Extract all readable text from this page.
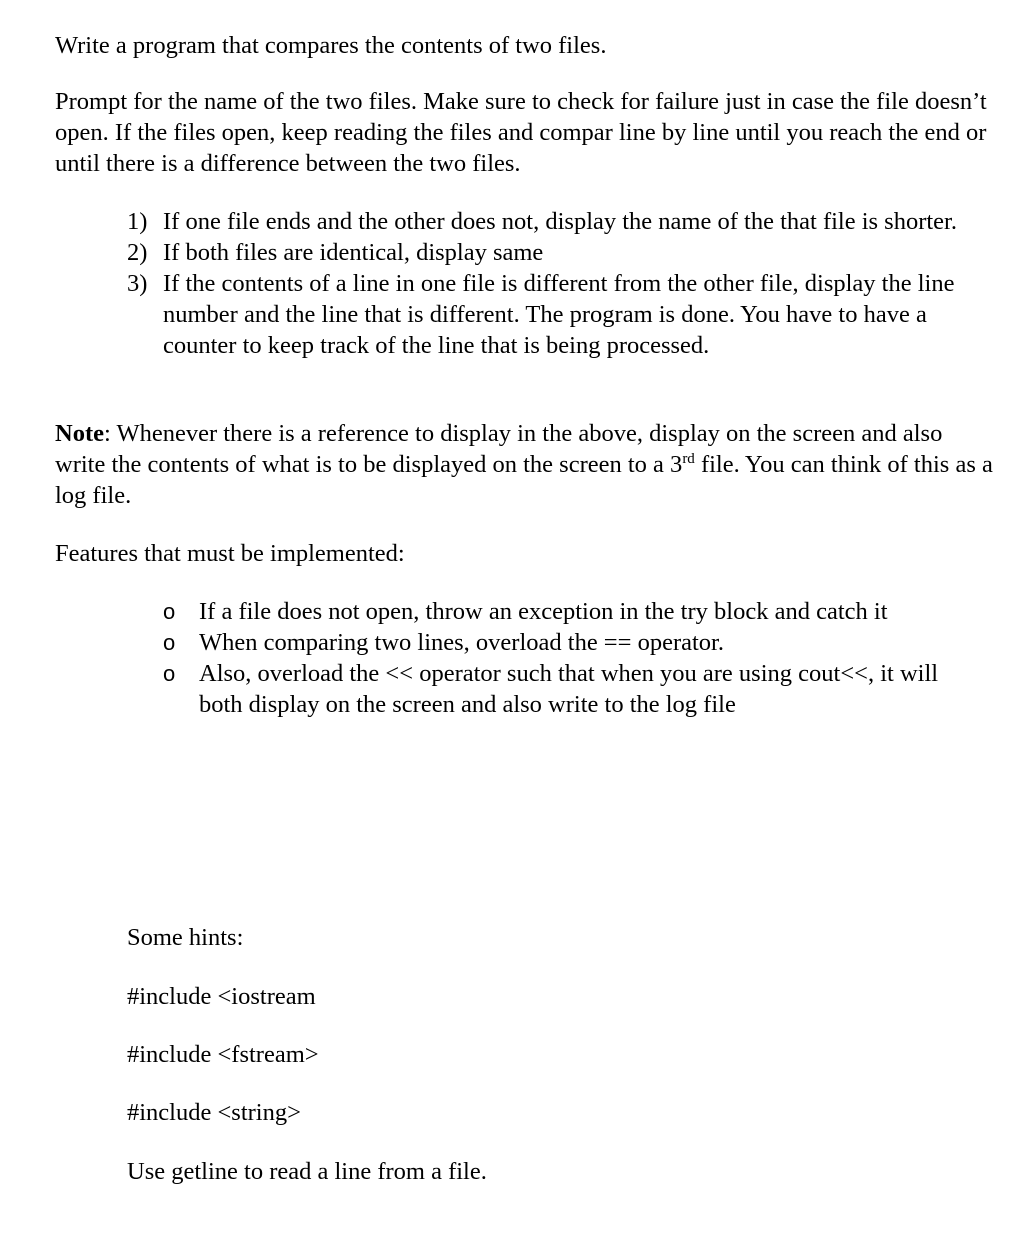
Write a program that compares the contents of two files.

Prompt for the name of the two files. Make sure to check for failure just in case the file doesn’t open. If the files open, keep reading the files and compar line by line until you reach the end or until there is a difference between the two files.

1) If one file ends and the other does not, display the name of the that file is shorter.
2) If both files are identical, display same
3) If the contents of a line in one file is different from the other file, display the line number and the line that is different. The program is done. You have to have a counter to keep track of the line that is being processed.

Note: Whenever there is a reference to display in the above, display on the screen and also write the contents of what is to be displayed on the screen to a 3rd file. You can think of this as a log file.

Features that must be implemented:

o If a file does not open, throw an exception in the try block and catch it
o When comparing two lines, overload the == operator.
o Also, overload the << operator such that when you are using cout<<, it will both display on the screen and also write to the log file

Some hints:

#include <iostream

#include <fstream>

#include <string>

Use getline to read a line from a file.
